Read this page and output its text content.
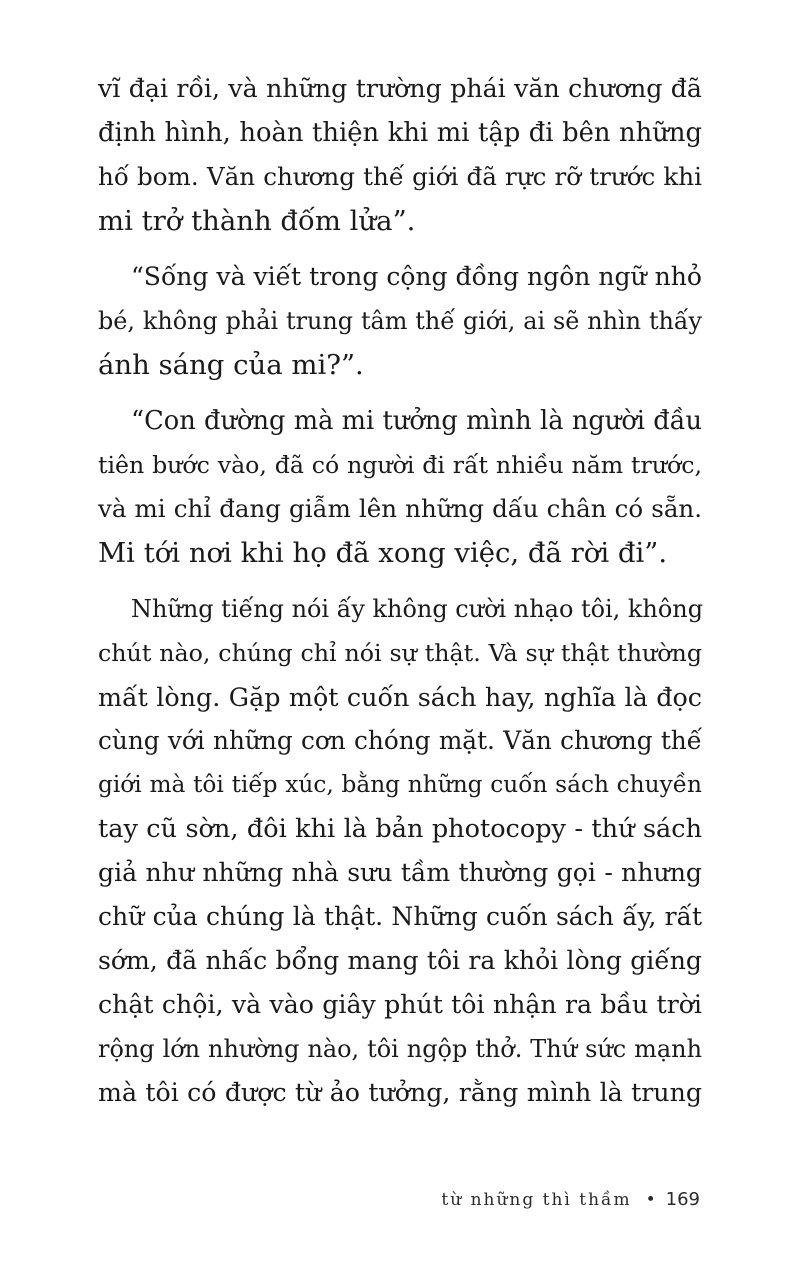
vĩ đại rồi, và những trường phái văn chương đã
định hình, hoàn thiện khi mi tập đi bên những
hố bom. Văn chương thế giới đã rực rỡ trước khi
mi trở thành đốm lửa”.

“Sống và viết trong cộng đồng ngôn ngữ nhỏ
bé, không phải trung tâm thế giới, ai sẽ nhìn thấy
ánh sáng của mi?”.

“Con đường mà mi tưởng mình là người đầu
tiên bước vào, đã có người đi rất nhiều năm trước,
và mi chỉ đang giẫm lên những dấu chân có sẵn.
Mi tới nơi khi họ đã xong việc, đã rời đi”.

Những tiếng nói ấy không cười nhạo tôi, không
chút nào, chúng chỉ nói sự thật. Và sự thật thường
mất lòng. Gặp một cuốn sách hay, nghĩa là đọc
cùng với những cơn chóng mặt. Văn chương thế
giới mà tôi tiếp xúc, bằng những cuốn sách chuyền
tay cũ sờn, đôi khi là bản photocopy - thứ sách
giả như những nhà sưu tầm thường gọi - nhưng
chữ của chúng là thật. Những cuốn sách ấy, rất
sớm, đã nhấc bổng mang tôi ra khỏi lòng giếng
chật chội, và vào giây phút tôi nhận ra bầu trời
rộng lớn nhường nào, tôi ngộp thở. Thứ sức mạnh
mà tôi có được từ ảo tưởng, rằng mình là trung

từ những thì thầm • 169
